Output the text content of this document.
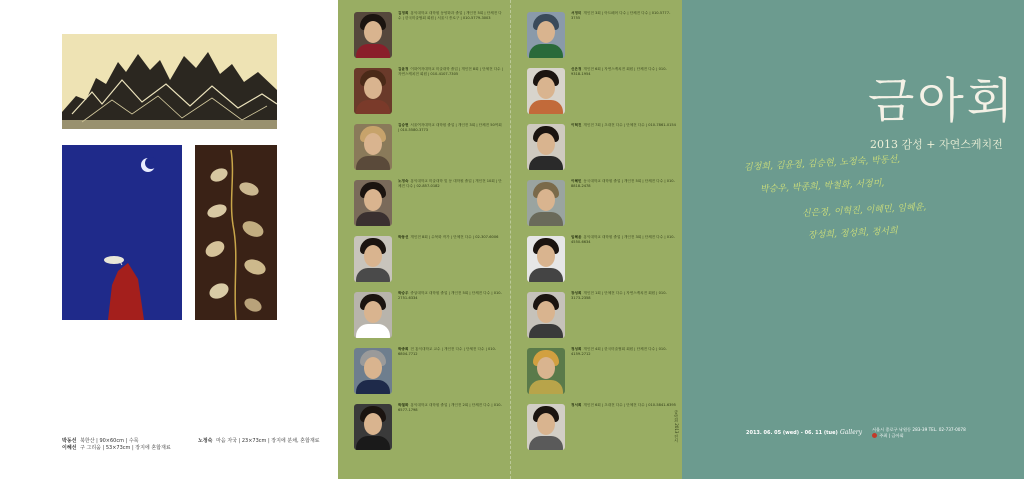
박동선 북한산 | 90×60cm | 수묵
이혜선 구 그리움 | 53×73cm | 장지에 혼합재료
노정숙 마음 자국 | 23×73cm | 장지에 분채, 혼합재료
김정희 홍익대학교 대학원 동양화과 졸업 | 개인전 5회 | 단체전 다수 | 한국미술협회 회원 | 서울시 종로구 | 010-5779-3003
김윤정 이화여자대학교 미술대학 졸업 | 개인전 8회 | 단체전 다수 | 자연스케치전 회원 | 010-4107-7305
김승현 서울여자대학교 대학원 졸업 | 개인전 3회 | 단체전 50여회 | 010-5580-3773
노정숙 홍익대학교 미술대학 및 동 대학원 졸업 | 개인전 10회 | 단체전 다수 | 02-857-0182
박동선 개인전 8회 | 수묵화 작가 | 단체전 다수 | 02-307-6006
박승우 중앙대학교 대학원 졸업 | 개인전 5회 | 단체전 다수 | 010-2751-6334
박종희 전 홍익대학교 교수 | 개인전 다수 | 단체전 다수 | 010-6804-7712
박철화 홍익대학교 대학원 졸업 | 개인전 2회 | 단체전 다수 | 010-6577-1798
서정미 개인전 3회 | 아트페어 다수 | 단체전 다수 | 010-5777-3755
신은정 개인전 6회 | 자연스케치전 회원 | 단체전 다수 | 010-9318-1954
이혁진 개인전 7회 | 초대전 다수 | 단체전 다수 | 010-7861-0154
이혜민 동국대학교 대학원 졸업 | 개인전 5회 | 단체전 다수 | 010-8818-2478
임혜윤 홍익대학교 대학원 졸업 | 개인전 3회 | 단체전 다수 | 010-4550-6634
장성희 개인전 1회 | 단체전 다수 | 자연스케치전 회원 | 010-3173-2358
정성희 개인전 4회 | 한국미술협회 회원 | 단체전 다수 | 010-4159-2712
정서희 개인전 6회 | 초대전 다수 | 단체전 다수 | 010-5841-6395
금아회 2013 전시
금아회
2013 감성 + 자연스케치전
김정희, 김윤정, 김승현, 노정숙, 박동선,
박승우, 박종희, 박철화, 서정미,
신은정, 이혁진, 이혜민, 임혜윤,
장성희, 정성희, 정서희
2013. 06. 05 (wed) - 06. 11 (tue) Gallery	서울시 종로구 낙원동 283-39 TEL. 02-737-0078
주최 | 금아회
